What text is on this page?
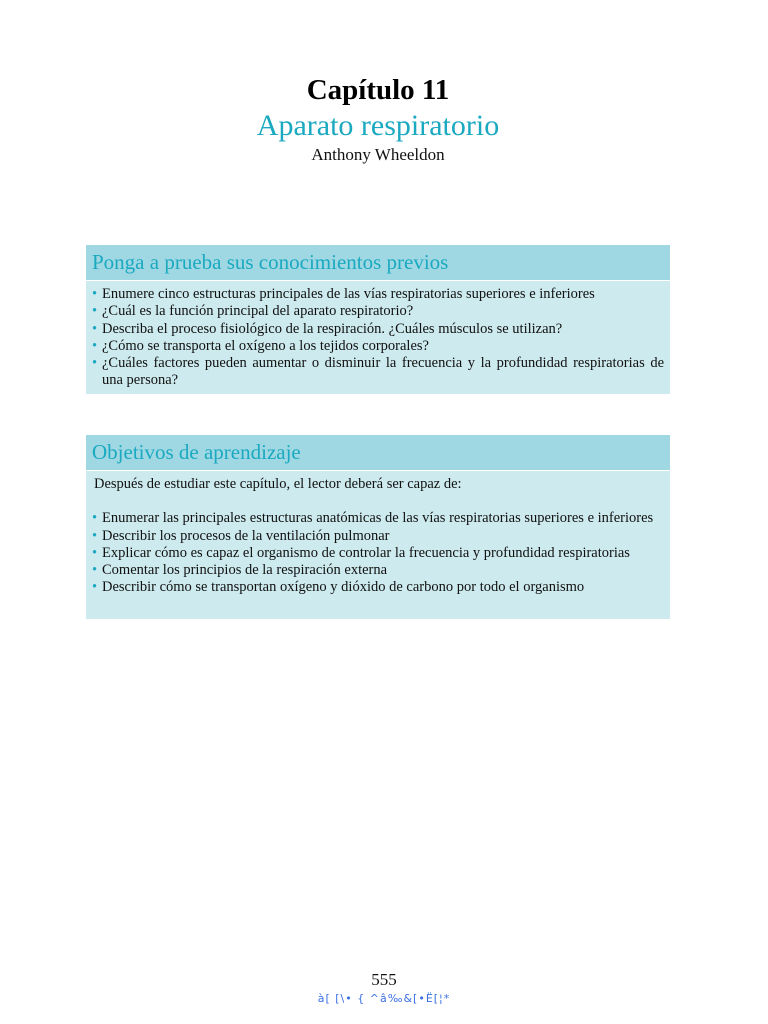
Capítulo 11
Aparato respiratorio
Anthony Wheeldon
Ponga a prueba sus conocimientos previos
• Enumere cinco estructuras principales de las vías respiratorias superiores e inferiores
• ¿Cuál es la función principal del aparato respiratorio?
• Describa el proceso fisiológico de la respiración. ¿Cuáles músculos se utilizan?
• ¿Cómo se transporta el oxígeno a los tejidos corporales?
• ¿Cuáles factores pueden aumentar o disminuir la frecuencia y la profundidad respiratorias de una persona?
Objetivos de aprendizaje
Después de estudiar este capítulo, el lector deberá ser capaz de:
• Enumerar las principales estructuras anatómicas de las vías respiratorias superiores e inferiores
• Describir los procesos de la ventilación pulmonar
• Explicar cómo es capaz el organismo de controlar la frecuencia y profundidad respiratorias
• Comentar los principios de la respiración externa
• Describir cómo se transportan oxígeno y dióxido de carbono por todo el organismo
555
à[ [\• { ^â‰&[•Ë[¦*
